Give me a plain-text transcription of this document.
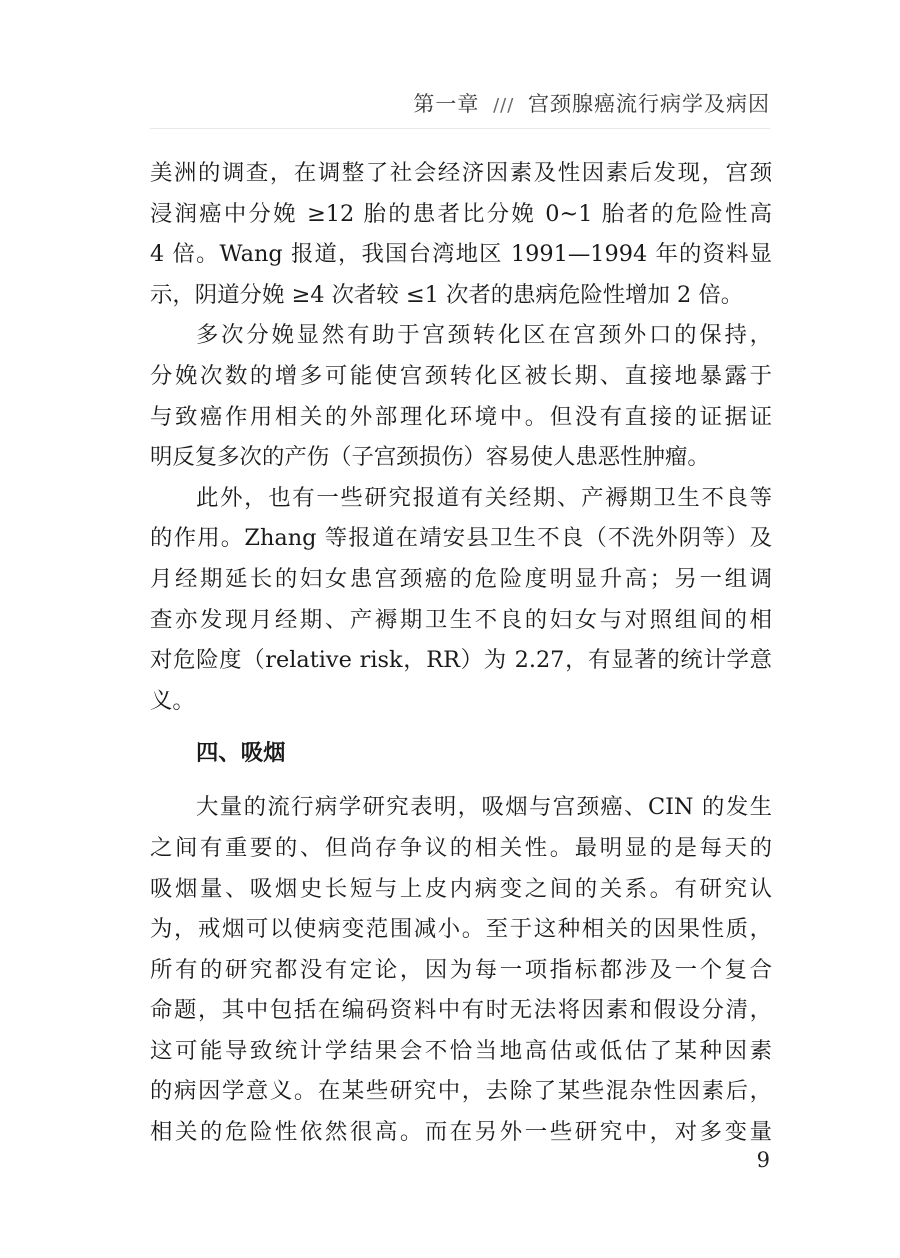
第一章 /// 宫颈腺癌流行病学及病因

美洲的调查，在调整了社会经济因素及性因素后发现，宫颈

浸润癌中分娩 ≥12 胎的患者比分娩 0~1 胎者的危险性高

4 倍。Wang 报道，我国台湾地区 1991—1994 年的资料显

示，阴道分娩 ≥4 次者较 ≤1 次者的患病危险性增加 2 倍。

多次分娩显然有助于宫颈转化区在宫颈外口的保持，

分娩次数的增多可能使宫颈转化区被长期、直接地暴露于

与致癌作用相关的外部理化环境中。但没有直接的证据证

明反复多次的产伤（子宫颈损伤）容易使人患恶性肿瘤。

此外，也有一些研究报道有关经期、产褥期卫生不良等

的作用。Zhang 等报道在靖安县卫生不良（不洗外阴等）及

月经期延长的妇女患宫颈癌的危险度明显升高；另一组调

查亦发现月经期、产褥期卫生不良的妇女与对照组间的相

对危险度（relative risk，RR）为 2.27，有显著的统计学意义。

四、吸烟

大量的流行病学研究表明，吸烟与宫颈癌、CIN 的发生

之间有重要的、但尚存争议的相关性。最明显的是每天的

吸烟量、吸烟史长短与上皮内病变之间的关系。有研究认

为，戒烟可以使病变范围减小。至于这种相关的因果性质，

所有的研究都没有定论，因为每一项指标都涉及一个复合

命题，其中包括在编码资料中有时无法将因素和假设分清，

这可能导致统计学结果会不恰当地高估或低估了某种因素

的病因学意义。在某些研究中，去除了某些混杂性因素后，

相关的危险性依然很高。而在另外一些研究中，对多变量

9
